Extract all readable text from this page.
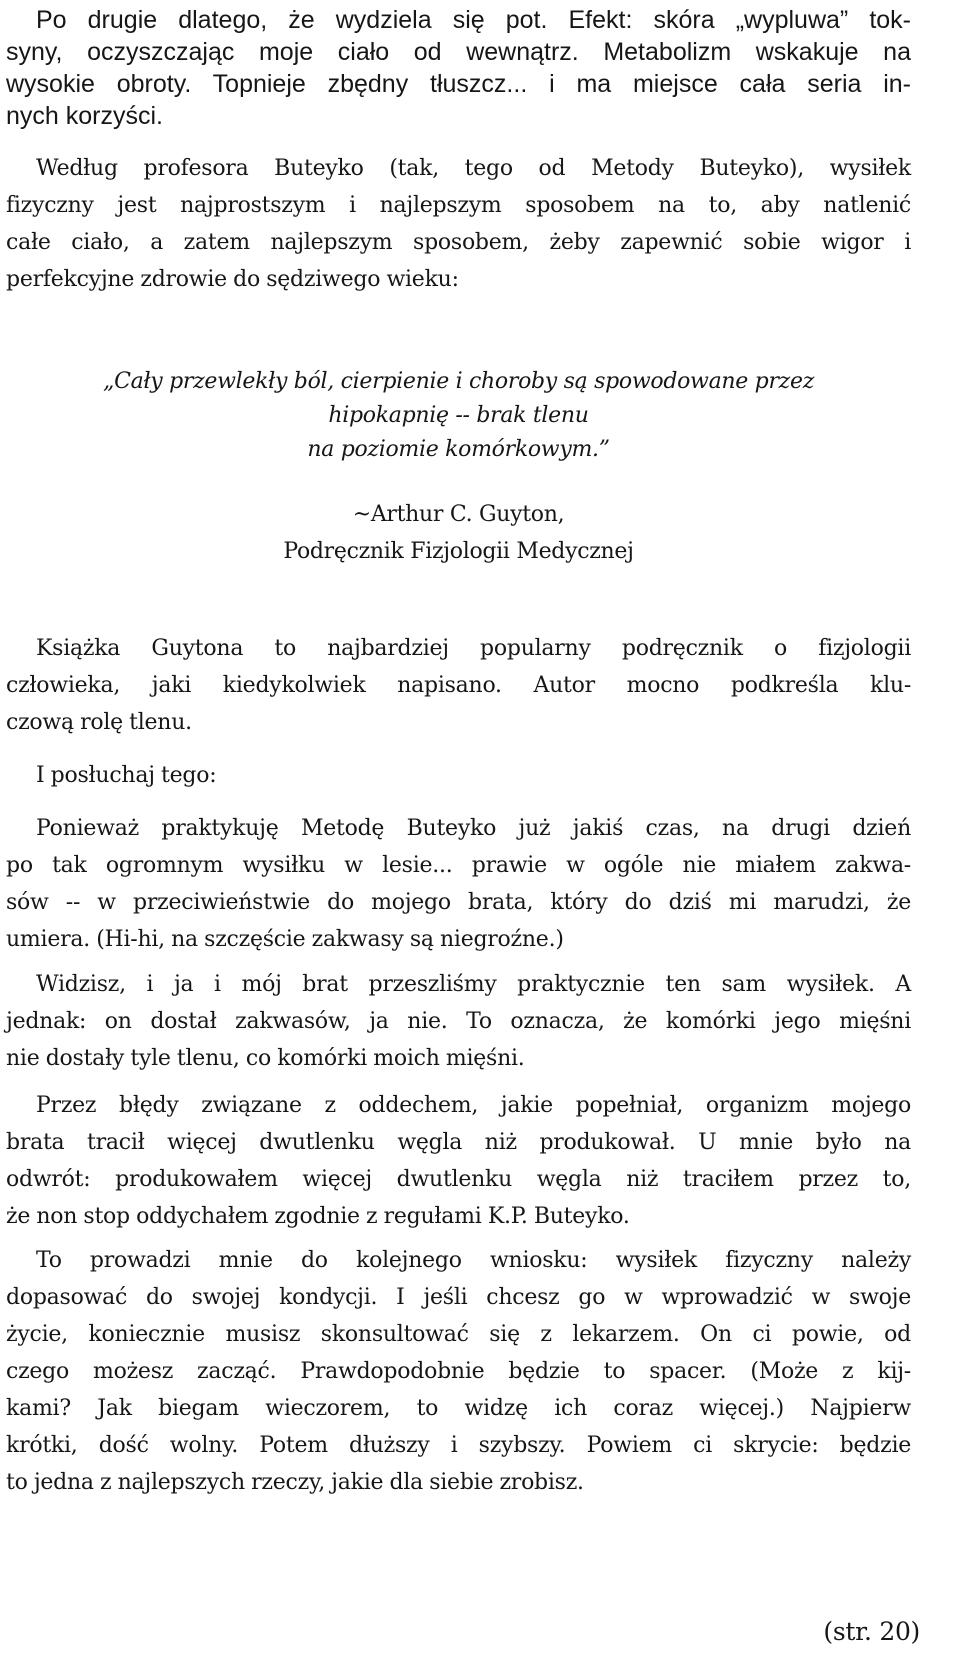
Po drugie dlatego, że wydziela się pot. Efekt: skóra „wypluwa” tok-
syny, oczyszczając moje ciało od wewnątrz. Metabolizm wskakuje na
wysokie obroty. Topnieje zbędny tłuszcz... i ma miejsce cała seria in-
nych korzyści.

Według profesora Buteyko (tak, tego od Metody Buteyko), wysiłek
fizyczny jest najprostszym i najlepszym sposobem na to, aby natlenić
całe ciało, a zatem najlepszym sposobem, żeby zapewnić sobie wigor i
perfekcyjne zdrowie do sędziwego wieku:

„Cały przewlekły ból, cierpienie i choroby są spowodowane przez
hipokapnię -- brak tlenu
na poziomie komórkowym.”

~Arthur C. Guyton,
Podręcznik Fizjologii Medycznej

Książka Guytona to najbardziej popularny podręcznik o fizjologii
człowieka, jaki kiedykolwiek napisano. Autor mocno podkreśla klu-
czową rolę tlenu.

I posłuchaj tego:

Ponieważ praktykuję Metodę Buteyko już jakiś czas, na drugi dzień
po tak ogromnym wysiłku w lesie... prawie w ogóle nie miałem zakwa-
sów -- w przeciwieństwie do mojego brata, który do dziś mi marudzi, że
umiera. (Hi-hi, na szczęście zakwasy są niegroźne.)

Widzisz, i ja i mój brat przeszliśmy praktycznie ten sam wysiłek. A
jednak: on dostał zakwasów, ja nie. To oznacza, że komórki jego mięśni
nie dostały tyle tlenu, co komórki moich mięśni.

Przez błędy związane z oddechem, jakie popełniał, organizm mojego
brata tracił więcej dwutlenku węgla niż produkował. U mnie było na
odwrót: produkowałem więcej dwutlenku węgla niż traciłem przez to,
że non stop oddychałem zgodnie z regułami K.P. Buteyko.

To prowadzi mnie do kolejnego wniosku: wysiłek fizyczny należy
dopasować do swojej kondycji. I jeśli chcesz go w wprowadzić w swoje
życie, koniecznie musisz skonsultować się z lekarzem. On ci powie, od
czego możesz zacząć. Prawdopodobnie będzie to spacer. (Może z kij-
kami? Jak biegam wieczorem, to widzę ich coraz więcej.) Najpierw
krótki, dość wolny. Potem dłuższy i szybszy. Powiem ci skrycie: będzie
to jedna z najlepszych rzeczy, jakie dla siebie zrobisz.

(str. 20)
